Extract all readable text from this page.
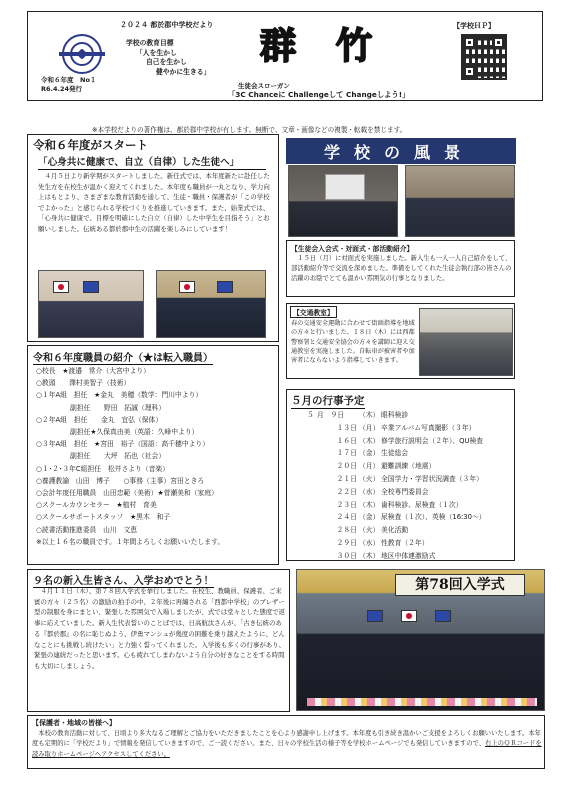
令和６年度　No１
R6.4.24発行
２０２４ 都於郡中学校だより
学校の教育目標
「人を生かし
自己を生かし
健やかに生きる」
群竹
生徒会スローガン
「3C Chanceに Challengeして Changeしよう!」
【学校ＨＰ】
※本学校だよりの著作権は、都於郡中学校が有します。無断で、文章・画像などの複製・転載を禁じます。
令和６年度がスタート
「心身共に健康で、自立（自律）した生徒へ」
　４月５日より新学期がスタートしました。新任式では、本年度新たに赴任した先生方を在校生が温かく迎えてくれました。本年度も職員が一丸となり、学力向上はもとより、さまざまな教育活動を通して、生徒・職員・保護者が「この学校でよかった」と感じられる学校づくりを推進していきます。また、始業式では、「心身共に健康で、目標を明確にした自立（自律）した中学生を目指そう」とお願いしました。伝統ある都於郡中生の活躍を楽しみにしています！
令和６年度職員の紹介（★は転入職員）
○校長　★渡邉　常介（大宮中より）
○教頭　　澤村美智子（技術）
○１年A組　担任　★金丸　美穂（数学：門川中より）
　　　　　副担任　　野田　拓誠（理科）
○２年A組　担任　　金丸　宜弘（保体）
　　　　　副担任★久保真由美（英語：久峰中より）
○３年A組　担任　★宮田　裕子（国語：高千穂中より）
　　　　　副担任　　大坪　拓也（社会）
○１･２･３年C組担任　松井さより（音楽）
○養護教諭　山田　博子　　○事務（主事）宮田ときろ
○会計年度任用職員　山田忠範（美術）★菅瀬美和（家庭）
○スクールカウンセラー　★植村　育美
○スクールサポートスタッフ　★黒木　和子
○読書活動推進委員　山川　文恵
※以上１６名の職員です。１年間よろしくお願いいたします。
９名の新入生皆さん、入学おめでとう！
　４月１１日（木）、第７８回入学式を挙行しました。在校生、教職員、保護者、ご来賓の方々（２５名）の激励の拍手の中、２年後に再編される「西都中学校」のブレザー型の制服を身にまとい、緊張した雰囲気で入場しましたが、式では堂々とした態度で返事に応えていました。新入生代表誓いのことばでは、日高航汰さんが、「古き伝統のある『都於郡』の名に恥じぬよう、伊勇マンシュが幾度の困難を乗り越えたように、どんなことにも挑戦し続けたい」と力強く誓ってくれました。入学後も多くの行事があり、緊張の連続だったと思います。心も疲れてしまわないよう自分の好きなことをする時間も大切にしましょう。
第78回入学式
学校の風景
【生徒会入会式・対面式・部活動紹介】
　１５日（月）に対面式を実施しました。新入生も一人一人自己紹介をして、部活動紹介等で交流を深めました。準備をしてくれた生徒会執行部の皆さんの活躍のお陰でとても温かい雰囲気の行事となりました。
【交通教室】
春の交通安全運動に合わせて街頭指導を地域の方々と行いました。１８日（木）には西都警察署と交通安全協会の方々を講師に迎え交通教室を実施しました。自転車が被害者や加害者にならないよう指導していきます。
５月の行事予定
５ 月　９日	（木） 眼科検診
１３日 （月） 卒業アルバム写真撮影（３年）
１６日 （木） 修学旅行説明会（２年）、QU検査
１７日 （金） 生徒総会
２０日 （月） 避難訓練（地震）
２１日 （火） 全国学力・学習状況調査（３年）
２２日 （水） 全校専門委員会
２３日 （木） 歯科検診、尿検査（１次）
２４日 （金） 尿検査（１次）、英検（16:30～）
２８日 （火） 美化活動
２９日 （水） 性教育（２年）
３０日 （木） 地区中体連激励式
【保護者・地域の皆様へ】
　本校の教育活動に対して、日頃より多大なるご理解とご協力をいただきましたことを心より感謝申し上げます。本年度も引き続き温かいご支援をよろしくお願いいたします。本年度も定期的に「学校だより」で情報を発信していきますので、ご一読ください。また、日々の学校生活の様子等を学校ホームページでも発信していきますので、右上のＱＲコードを読み取りホームページへアクセスしてください。
